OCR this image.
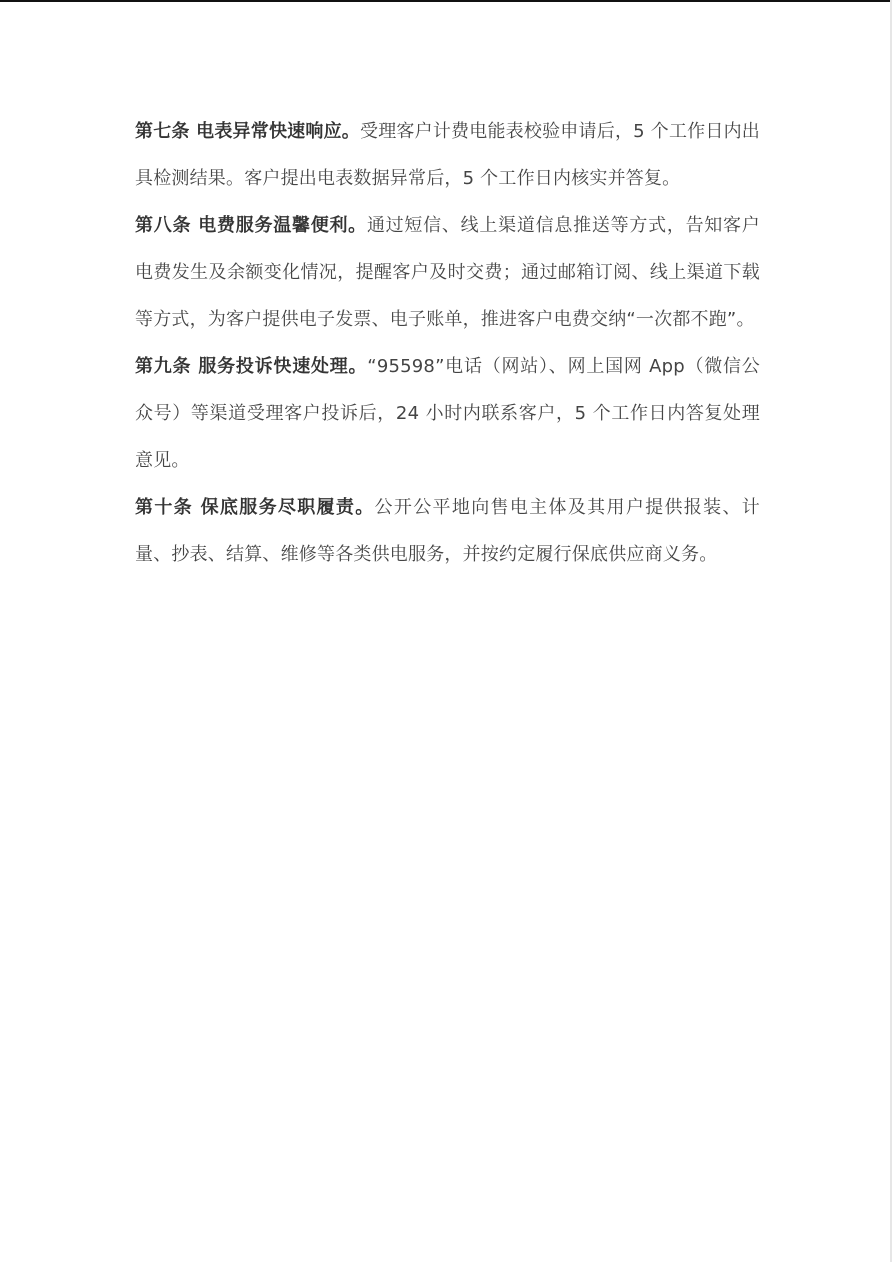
第七条 电表异常快速响应。受理客户计费电能表校验申请后，5 个工作日内出具检测结果。客户提出电表数据异常后，5 个工作日内核实并答复。

第八条 电费服务温馨便利。通过短信、线上渠道信息推送等方式，告知客户电费发生及余额变化情况，提醒客户及时交费；通过邮箱订阅、线上渠道下载等方式，为客户提供电子发票、电子账单，推进客户电费交纳“一次都不跑”。

第九条 服务投诉快速处理。“95598”电话（网站）、网上国网 App（微信公众号）等渠道受理客户投诉后，24 小时内联系客户，5 个工作日内答复处理意见。

第十条 保底服务尽职履责。公开公平地向售电主体及其用户提供报装、计量、抄表、结算、维修等各类供电服务，并按约定履行保底供应商义务。
